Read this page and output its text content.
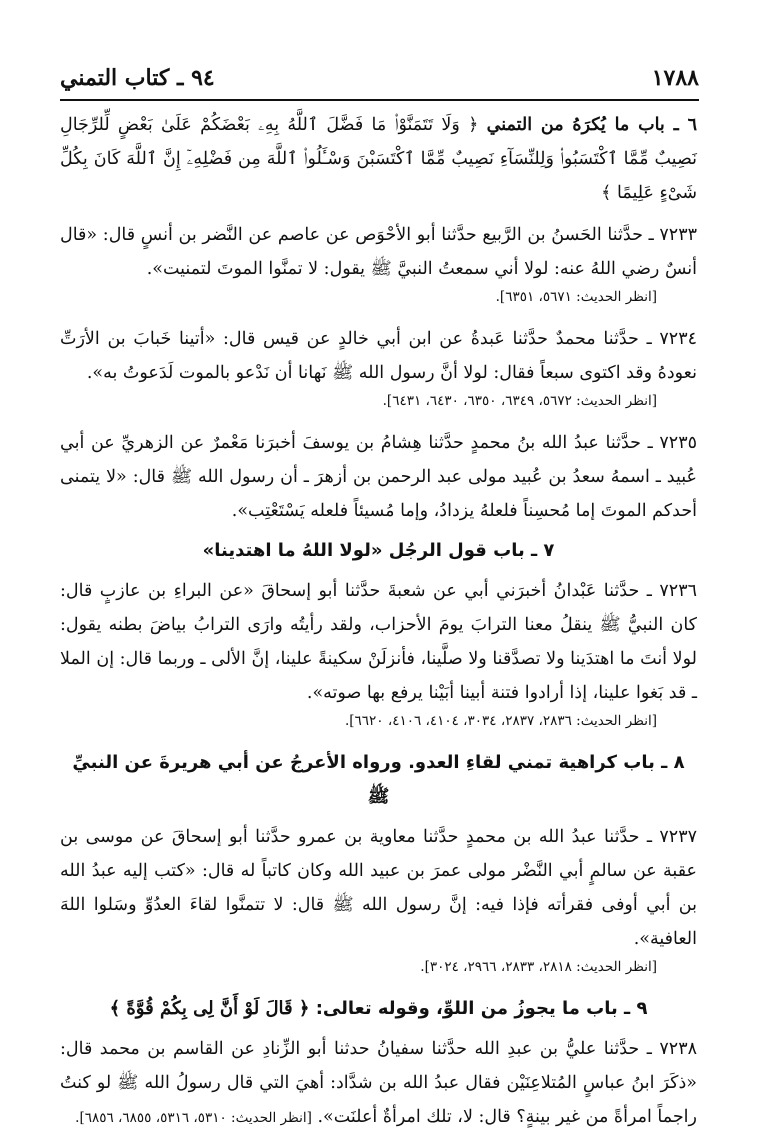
١٧٨٨
٩٤ ـ كتاب التمني

٦ ـ باب ما يُكرَهُ من التمني ﴿ وَلَا تَتَمَنَّوْا۟ مَا فَضَّلَ ٱللَّهُ بِهِۦ بَعْضَكُمْ عَلَىٰ بَعْضٍ لِّلرِّجَالِ نَصِيبٌ مِّمَّا ٱكْتَسَبُوا۟ وَلِلنِّسَآءِ نَصِيبٌ مِّمَّا ٱكْتَسَبْنَ وَسْـَٔلُوا۟ ٱللَّهَ مِن فَضْلِهِۦٓ إِنَّ ٱللَّهَ كَانَ بِكُلِّ شَىْءٍ عَلِيمًا ﴾

٧٢٣٣ ـ حدَّثنا الحَسنُ بن الرَّبيع حدَّثنا أبو الأحْوَص عن عاصم عن النَّضر بن أنسٍ قال: «قال أنسٌ رضي اللهُ عنه: لولا أني سمعتُ النبيَّ ﷺ يقول: لا تمنَّوا الموتَ لتمنيت».

[انظر الحديث: ٥٦٧١، ٦٣٥١].

٧٢٣٤ ـ حدَّثنا محمدٌ حدَّثنا عَبدةُ عن ابن أبي خالدٍ عن قيس قال: «أتينا خَبابَ بن الأرَتِّ نعودهُ وقد اكتوى سبعاً فقال: لولا أنَّ رسول الله ﷺ نَهانا أن نَدْعو بالموت لَدَعوتُ به».

[انظر الحديث: ٥٦٧٢، ٦٣٤٩، ٦٣٥٠، ٦٤٣٠، ٦٤٣١].

٧٢٣٥ ـ حدَّثنا عبدُ الله بنُ محمدٍ حدَّثنا هِشامُ بن يوسفَ أخبرَنا مَعْمرٌ عن الزهريِّ عن أبي عُبيد ـ اسمهُ سعدُ بن عُبيد مولى عبد الرحمن بن أزهرَ ـ أن رسول الله ﷺ قال: «لا يتمنى أحدكم الموتَ إما مُحسِناً فلعلهُ يزدادُ، وإما مُسيئاً فلعله يَسْتَعْتِب».

٧ ـ باب قول الرجُل «لولا اللهُ ما اهتدينا»

٧٢٣٦ ـ حدَّثنا عَبْدانُ أخبرَني أبي عن شعبةَ حدَّثنا أبو إسحاقَ «عن البراءِ بن عازبٍ قال: كان النبيُّ ﷺ ينقلُ معنا الترابَ يومَ الأحزاب، ولقد رأيتُه وارَى الترابُ بياضَ بطنه يقول: لولا أنتَ ما اهتدَينا ولا تصدَّقنا ولا صلَّينا، فأنزلَنْ سكينةً علينا، إنَّ الألى ـ وربما قال: إن الملا ـ قد بَغوا علينا، إذا أرادوا فتنة أبينا أبَيْنا يرفع بها صوته».

[انظر الحديث: ٢٨٣٦، ٢٨٣٧، ٣٠٣٤، ٤١٠٤، ٤١٠٦، ٦٦٢٠].

٨ ـ باب كراهية تمني لقاءِ العدو. ورواه الأعرجُ عن أبي هريرةَ عن النبيِّ ﷺ

٧٢٣٧ ـ حدَّثنا عبدُ الله بن محمدٍ حدَّثنا معاوية بن عمرو حدَّثنا أبو إسحاقَ عن موسى بن عقبة عن سالمٍ أبي النَّضْر مولى عمرَ بن عبيد الله وكان كاتباً له قال: «كتب إليه عبدُ الله بن أبي أوفى فقرأته فإذا فيه: إنَّ رسول الله ﷺ قال: لا تتمنَّوا لقاءَ العدُوِّ وسَلوا اللهَ العافية».

[انظر الحديث: ٢٨١٨، ٢٨٣٣، ٢٩٦٦، ٣٠٢٤].

٩ ـ باب ما يجوزُ من اللوِّ، وقوله تعالى: ﴿ قَالَ لَوْ أَنَّ لِى بِكُمْ قُوَّةً ﴾

٧٢٣٨ ـ حدَّثنا عليُّ بن عبدِ الله حدَّثنا سفيانُ حدثنا أبو الزِّنادِ عن القاسم بن محمد قال: «ذكَرَ ابنُ عباسٍ المُتلاعِنَيْن فقال عبدُ الله بن شدَّاد: أهيَ التي قال رسولُ الله ﷺ لو كنتُ راجماً امرأةً من غير بينةٍ؟ قال: لا، تلك امرأةٌ أعلنَت». [انظر الحديث: ٥٣١٠، ٥٣١٦، ٦٨٥٥، ٦٨٥٦].
